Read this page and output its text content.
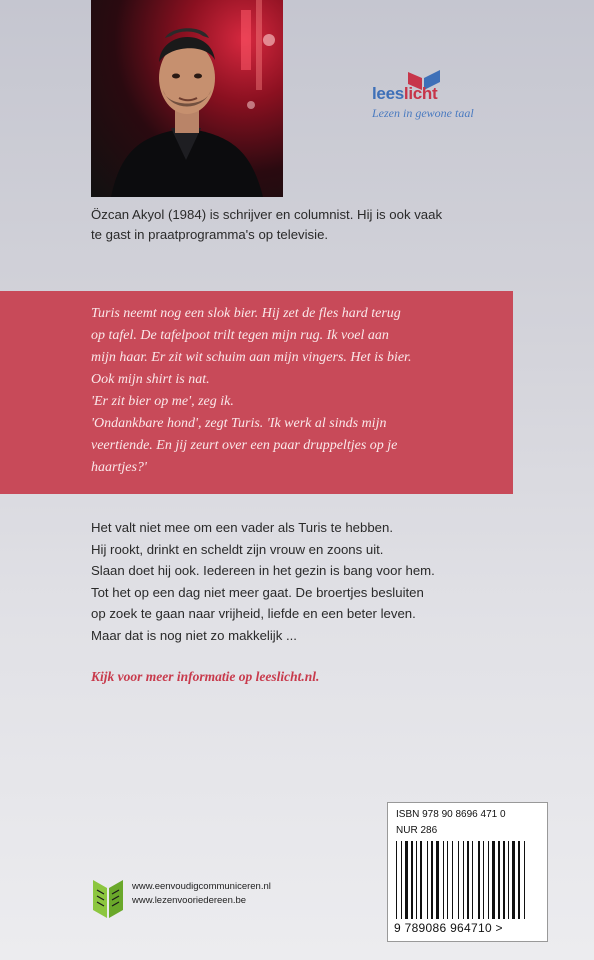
leeslicht
Lezen in gewone taal
Özcan Akyol (1984) is schrijver en columnist. Hij is ook vaak
te gast in praatprogramma's op televisie.
Turis neemt nog een slok bier. Hij zet de fles hard terug
op tafel. De tafelpoot trilt tegen mijn rug. Ik voel aan
mijn haar. Er zit wit schuim aan mijn vingers. Het is bier.
Ook mijn shirt is nat.
'Er zit bier op me', zeg ik.
'Ondankbare hond', zegt Turis. 'Ik werk al sinds mijn
veertiende. En jij zeurt over een paar druppeltjes op je
haartjes?'
Het valt niet mee om een vader als Turis te hebben.
Hij rookt, drinkt en scheldt zijn vrouw en zoons uit.
Slaan doet hij ook. Iedereen in het gezin is bang voor hem.
Tot het op een dag niet meer gaat. De broertjes besluiten
op zoek te gaan naar vrijheid, liefde en een beter leven.
Maar dat is nog niet zo makkelijk ...
Kijk voor meer informatie op leeslicht.nl.
ISBN 978 90 8696 471 0
NUR 286
9 789086 964710 >
www.eenvoudigcommuniceren.nl
www.lezenvooriedereen.be
